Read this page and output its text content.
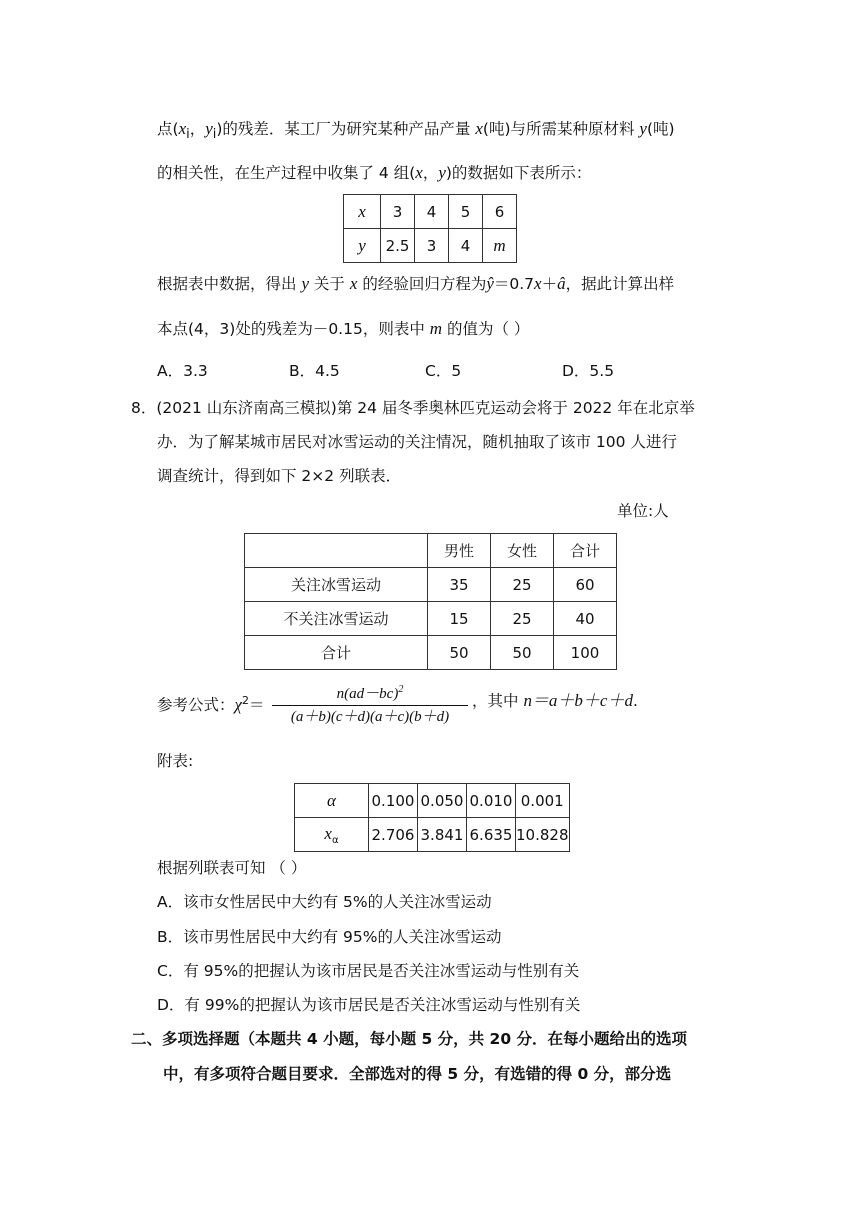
点($x_i$，$y_i$)的残差．某工厂为研究某种产品产量 x(吨)与所需某种原材料 y(吨)
的相关性，在生产过程中收集了 4 组(x，y)的数据如下表所示：
x	3	4	5	6
y	2.5	3	4	m
根据表中数据，得出 y 关于 x 的经验回归方程为ŷ＝0.7x＋â，据此计算出样
本点(4，3)处的残差为－0.15，则表中 m 的值为（ ）
A．3.3	B．4.5	C．5	D．5.5
8．(2021 山东济南高三模拟)第 24 届冬季奥林匹克运动会将于 2022 年在北京举
办．为了解某城市居民对冰雪运动的关注情况，随机抽取了该市 100 人进行
调查统计，得到如下 2×2 列联表．
单位:人
	男性	女性	合计
关注冰雪运动	35	25	60
不关注冰雪运动	15	25	40
合计	50	50	100
参考公式：$\chi^2=$
$n(ad-bc)^2$
(a＋b)(c＋d)(a＋c)(b＋d)
，其中 n＝a＋b＋c＋d.
附表:
α	0.100	0.050	0.010	0.001
$x_\alpha$	2.706	3.841	6.635	10.828
根据列联表可知 （ ）
A．该市女性居民中大约有 5%的人关注冰雪运动
B．该市男性居民中大约有 95%的人关注冰雪运动
C．有 95%的把握认为该市居民是否关注冰雪运动与性别有关
D．有 99%的把握认为该市居民是否关注冰雪运动与性别有关
二、多项选择题（本题共 4 小题，每小题 5 分，共 20 分．在每小题给出的选项
中，有多项符合题目要求．全部选对的得 5 分，有选错的得 0 分，部分选
